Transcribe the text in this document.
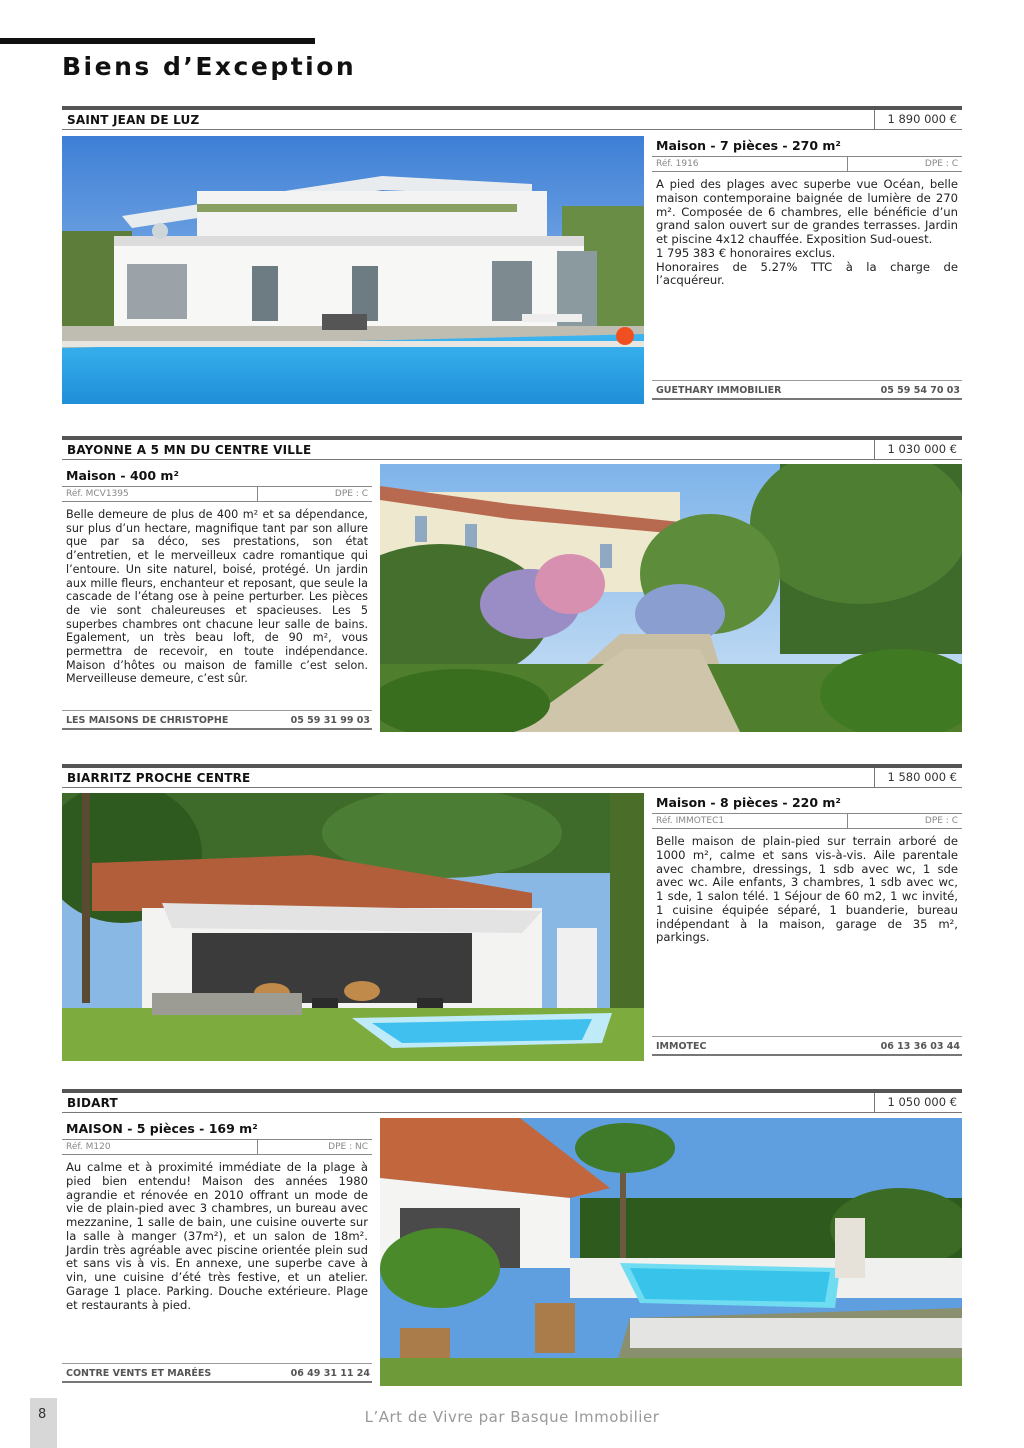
Biens d’Exception
SAINT JEAN DE LUZ	1 890 000 €
Maison - 7 pièces - 270 m²
Réf. 1916	DPE : C
A pied des plages avec superbe vue Océan, belle maison contemporaine baignée de lumière de 270 m². Composée de 6 chambres, elle bénéficie d’un grand salon ouvert sur de grandes terrasses. Jardin et piscine 4x12 chauffée. Exposition Sud-ouest.
1 795 383 € honoraires exclus.
Honoraires de 5.27% TTC à la charge de l’acquéreur.
GUETHARY IMMOBILIER	05 59 54 70 03
BAYONNE A 5 MN DU CENTRE VILLE	1 030 000 €
Maison - 400 m²
Réf. MCV1395	DPE : C
Belle demeure de plus de 400 m² et sa dépendance, sur plus d’un hectare, magnifique tant par son allure que par sa déco, ses prestations, son état d’entretien, et le merveilleux cadre romantique qui l’entoure. Un site naturel, boisé, protégé. Un jardin aux mille fleurs, enchanteur et reposant, que seule la cascade de l’étang ose à peine perturber. Les pièces de vie sont chaleureuses et spacieuses. Les 5 superbes chambres ont chacune leur salle de bains. Egalement, un très beau loft, de 90 m², vous permettra de recevoir, en toute indépendance. Maison d’hôtes ou maison de famille c’est selon. Merveilleuse demeure, c’est sûr.
LES MAISONS DE CHRISTOPHE	05 59 31 99 03
BIARRITZ PROCHE CENTRE	1 580 000 €
Maison - 8 pièces - 220 m²
Réf. IMMOTEC1	DPE : C
Belle maison de plain-pied sur terrain arboré de 1000 m², calme et sans vis-à-vis. Aile parentale avec chambre, dressings, 1 sdb avec wc, 1 sde avec wc. Aile enfants, 3 chambres, 1 sdb avec wc, 1 sde, 1 salon télé. 1 Séjour de 60 m2, 1 wc invité, 1 cuisine équipée séparé, 1 buanderie, bureau indépendant à la maison, garage de 35 m², parkings.
IMMOTEC	06 13 36 03 44
BIDART	1 050 000 €
MAISON - 5 pièces - 169 m²
Réf. M120	DPE : NC
Au calme et à proximité immédiate de la plage à pied bien entendu! Maison des années 1980 agrandie et rénovée en 2010 offrant un mode de vie de plain-pied avec 3 chambres, un bureau avec mezzanine, 1 salle de bain, une cuisine ouverte sur la salle à manger (37m²), et un salon de 18m². Jardin très agréable avec piscine orientée plein sud et sans vis à vis. En annexe, une superbe cave à vin, une cuisine d’été très festive, et un atelier. Garage 1 place. Parking. Douche extérieure. Plage et restaurants à pied.
CONTRE VENTS ET MARÉES	06 49 31 11 24
8	L’Art de Vivre par Basque Immobilier
